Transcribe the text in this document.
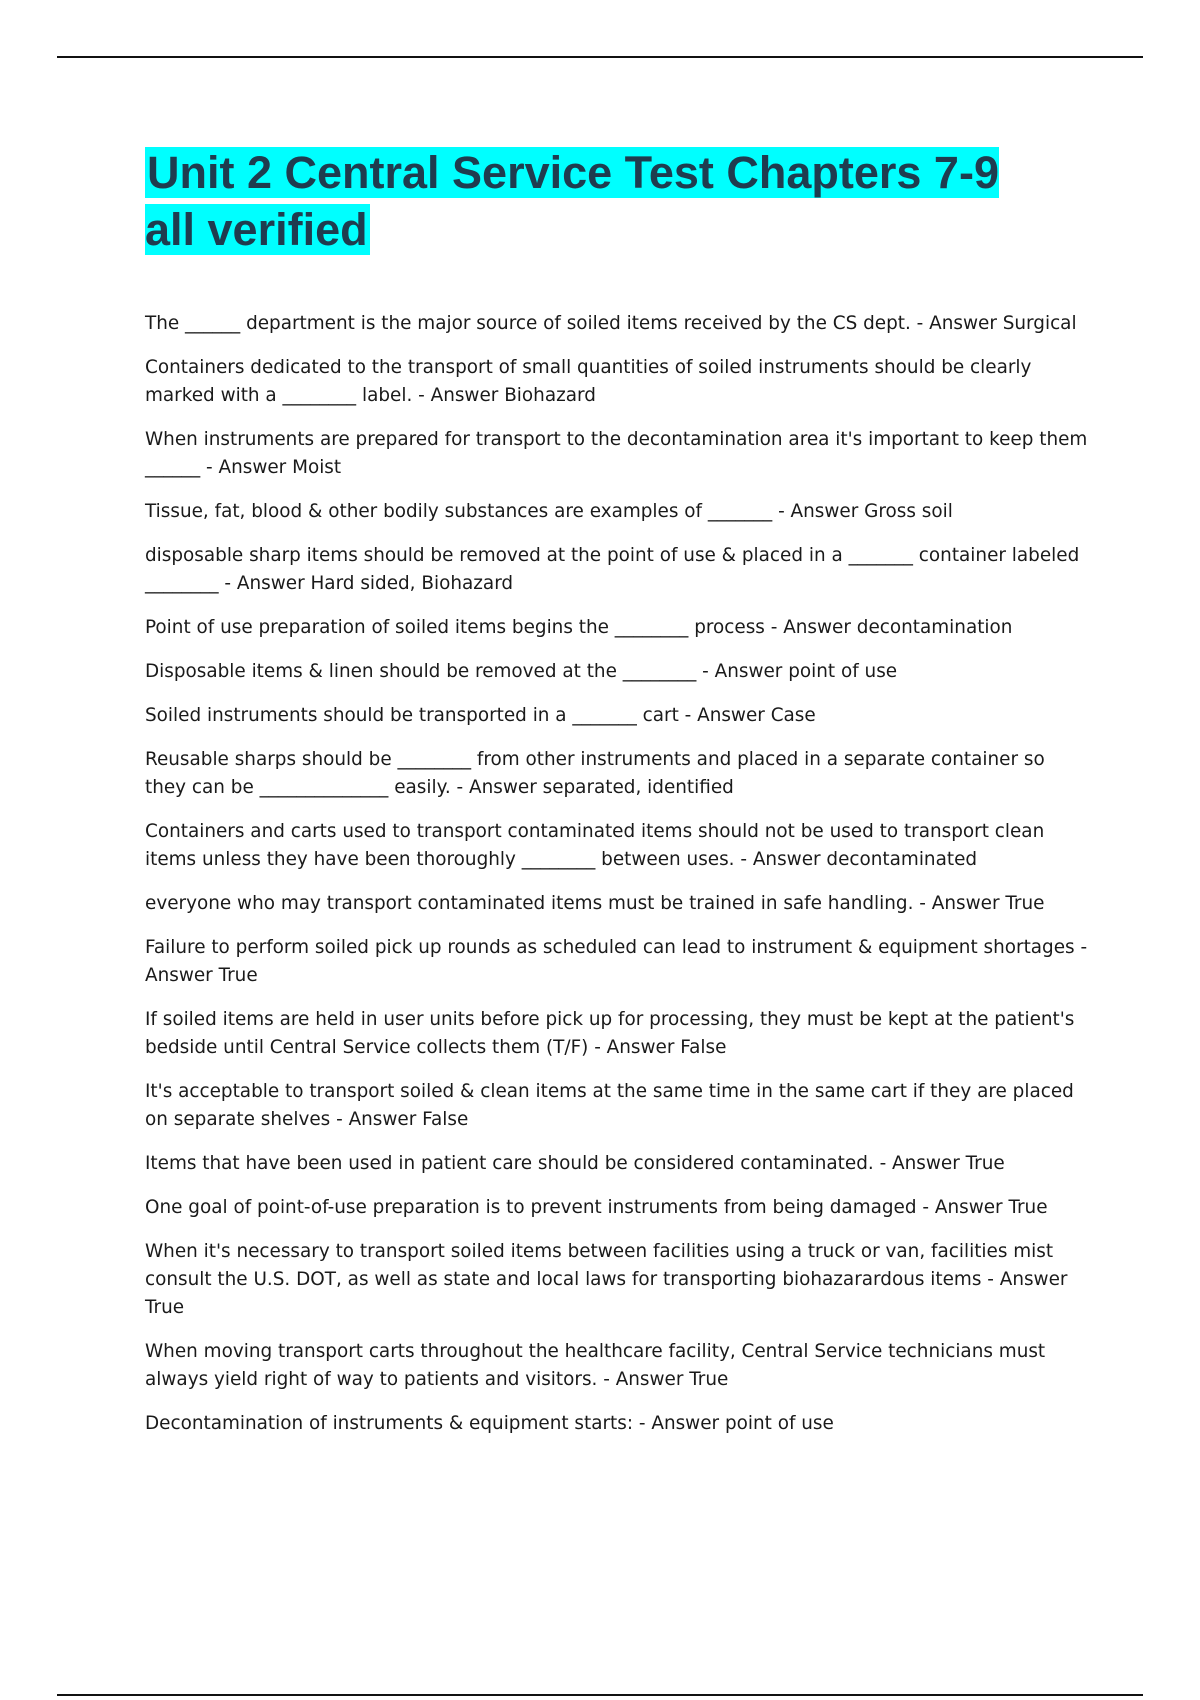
Unit 2 Central Service Test Chapters 7-9 all verified
The ______ department is the major source of soiled items received by the CS dept. - Answer Surgical
Containers dedicated to the transport of small quantities of soiled instruments should be clearly marked with a ________ label. - Answer Biohazard
When instruments are prepared for transport to the decontamination area it's important to keep them ______ - Answer Moist
Tissue, fat, blood & other bodily substances are examples of _______ - Answer Gross soil
disposable sharp items should be removed at the point of use & placed in a _______ container labeled ________ - Answer Hard sided, Biohazard
Point of use preparation of soiled items begins the ________ process - Answer decontamination
Disposable items & linen should be removed at the ________ - Answer point of use
Soiled instruments should be transported in a _______ cart - Answer Case
Reusable sharps should be ________ from other instruments and placed in a separate container so they can be ______________ easily. - Answer separated, identified
Containers and carts used to transport contaminated items should not be used to transport clean items unless they have been thoroughly ________ between uses. - Answer decontaminated
everyone who may transport contaminated items must be trained in safe handling. - Answer True
Failure to perform soiled pick up rounds as scheduled can lead to instrument & equipment shortages - Answer True
If soiled items are held in user units before pick up for processing, they must be kept at the patient's bedside until Central Service collects them (T/F) - Answer False
It's acceptable to transport soiled & clean items at the same time in the same cart if they are placed on separate shelves - Answer False
Items that have been used in patient care should be considered contaminated. - Answer True
One goal of point-of-use preparation is to prevent instruments from being damaged - Answer True
When it's necessary to transport soiled items between facilities using a truck or van, facilities mist consult the U.S. DOT, as well as state and local laws for transporting biohazarardous items - Answer True
When moving transport carts throughout the healthcare facility, Central Service technicians must always yield right of way to patients and visitors. - Answer True
Decontamination of instruments & equipment starts: - Answer point of use
